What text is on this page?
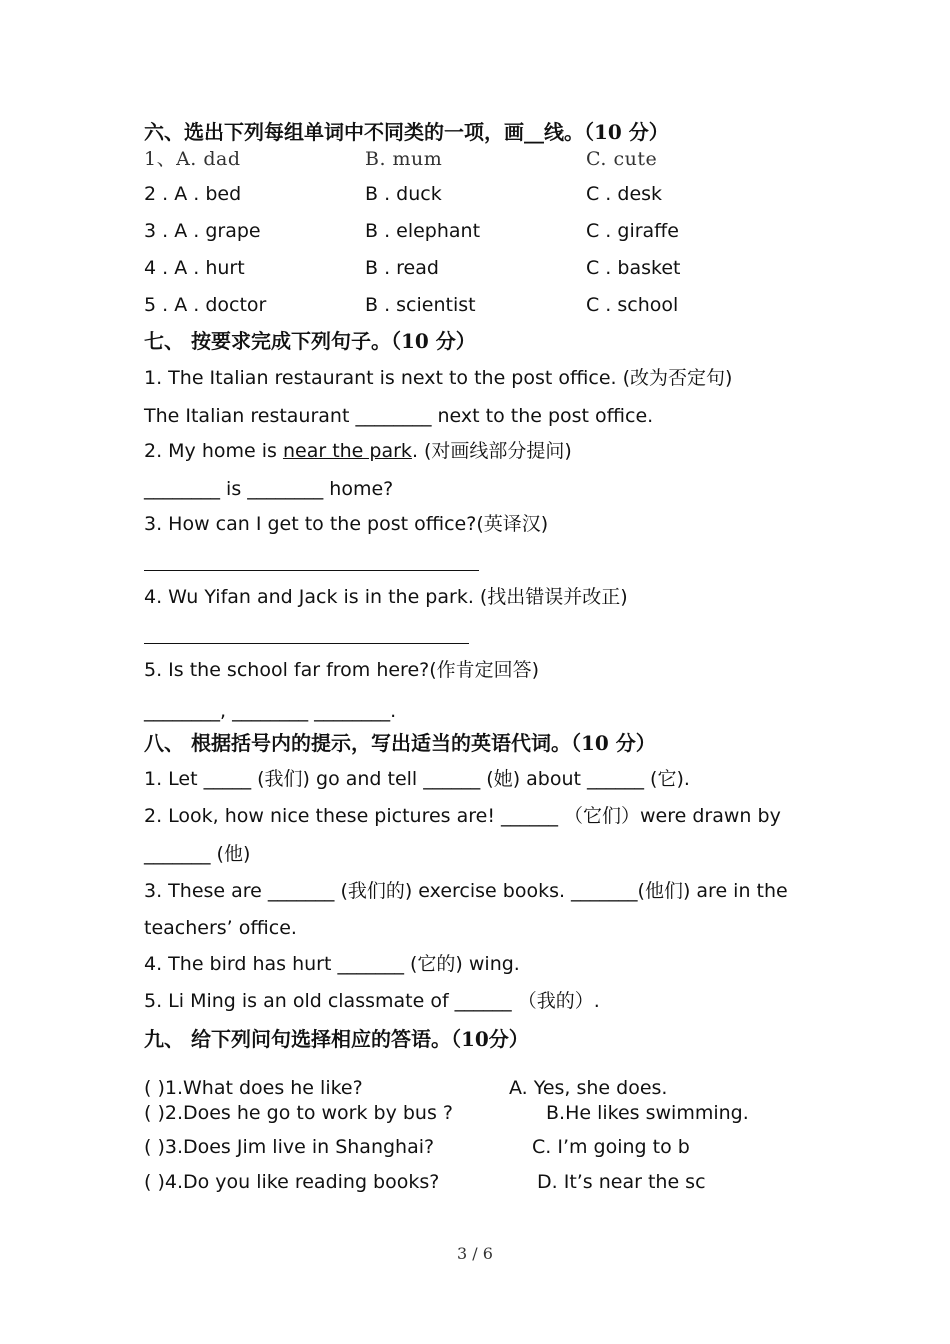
六、选出下列每组单词中不同类的一项，画__线。（10 分）
1、A. dad	B. mum	C. cute
2 . A . bed	B . duck	C . desk
3 . A . grape	B . elephant	C . giraffe
4 . A . hurt	B . read	C . basket
5 . A . doctor	B . scientist	C . school
七、 按要求完成下列句子。（10 分）
1. The Italian restaurant is next to the post office. (改为否定句)
The Italian restaurant ________ next to the post office.
2. My home is near the park. (对画线部分提问)
________ is ________ home?
3. How can I get to the post office?(英译汉)
4. Wu Yifan and Jack is in the park. (找出错误并改正)
5. Is the school far from here?(作肯定回答)
________, ________ ________.
八、 根据括号内的提示，写出适当的英语代词。（10 分）
1. Let _____ (我们) go and tell ______ (她) about ______ (它).
2. Look, how nice these pictures are! ______ （它们）were drawn by
_______ (他)
3. These are _______ (我们的) exercise books. _______(他们) are in the
teachers’ office.
4. The bird has hurt _______ (它的) wing.
5. Li Ming is an old classmate of ______ （我的）.
九、 给下列问句选择相应的答语。（10分）
( )1.What does he like?	A. Yes, she does.
( )2.Does he go to work by bus ?	B.He likes swimming.
( )3.Does Jim live in Shanghai?	C. I’m going to b
( )4.Do you like reading books?	D. It’s near the sc
3 / 6
